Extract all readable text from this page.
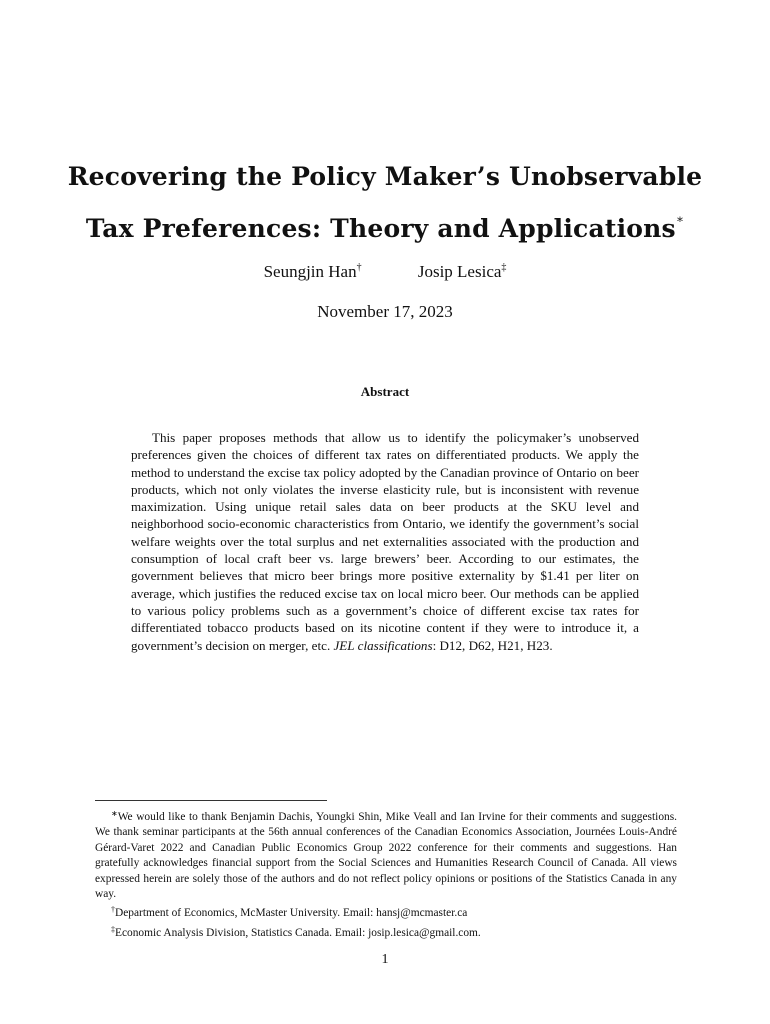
Recovering the Policy Maker’s Unobservable
Tax Preferences: Theory and Applications∗
Seungjin Han†	Josip Lesica‡
November 17, 2023
Abstract
This paper proposes methods that allow us to identify the policymaker’s unobserved preferences given the choices of different tax rates on differentiated products. We apply the method to understand the excise tax policy adopted by the Canadian province of Ontario on beer products, which not only violates the inverse elasticity rule, but is inconsistent with revenue maximization. Using unique retail sales data on beer products at the SKU level and neighborhood socio-economic characteristics from Ontario, we identify the government’s social welfare weights over the total surplus and net externalities associated with the production and consumption of local craft beer vs. large brewers’ beer. According to our estimates, the government believes that micro beer brings more positive externality by $1.41 per liter on average, which justifies the reduced excise tax on local micro beer. Our methods can be applied to various policy problems such as a government’s choice of different excise tax rates for differentiated tobacco products based on its nicotine content if they were to introduce it, a government’s decision on merger, etc. JEL classifications: D12, D62, H21, H23.

∗We would like to thank Benjamin Dachis, Youngki Shin, Mike Veall and Ian Irvine for their comments and suggestions. We thank seminar participants at the 56th annual conferences of the Canadian Economics Association, Journées Louis-André Gérard-Varet 2022 and Canadian Public Economics Group 2022 conference for their comments and suggestions. Han gratefully acknowledges financial support from the Social Sciences and Humanities Research Council of Canada. All views expressed herein are solely those of the authors and do not reflect policy opinions or positions of the Statistics Canada in any way.

†Department of Economics, McMaster University. Email: hansj@mcmaster.ca

‡Economic Analysis Division, Statistics Canada. Email: josip.lesica@gmail.com.

1
